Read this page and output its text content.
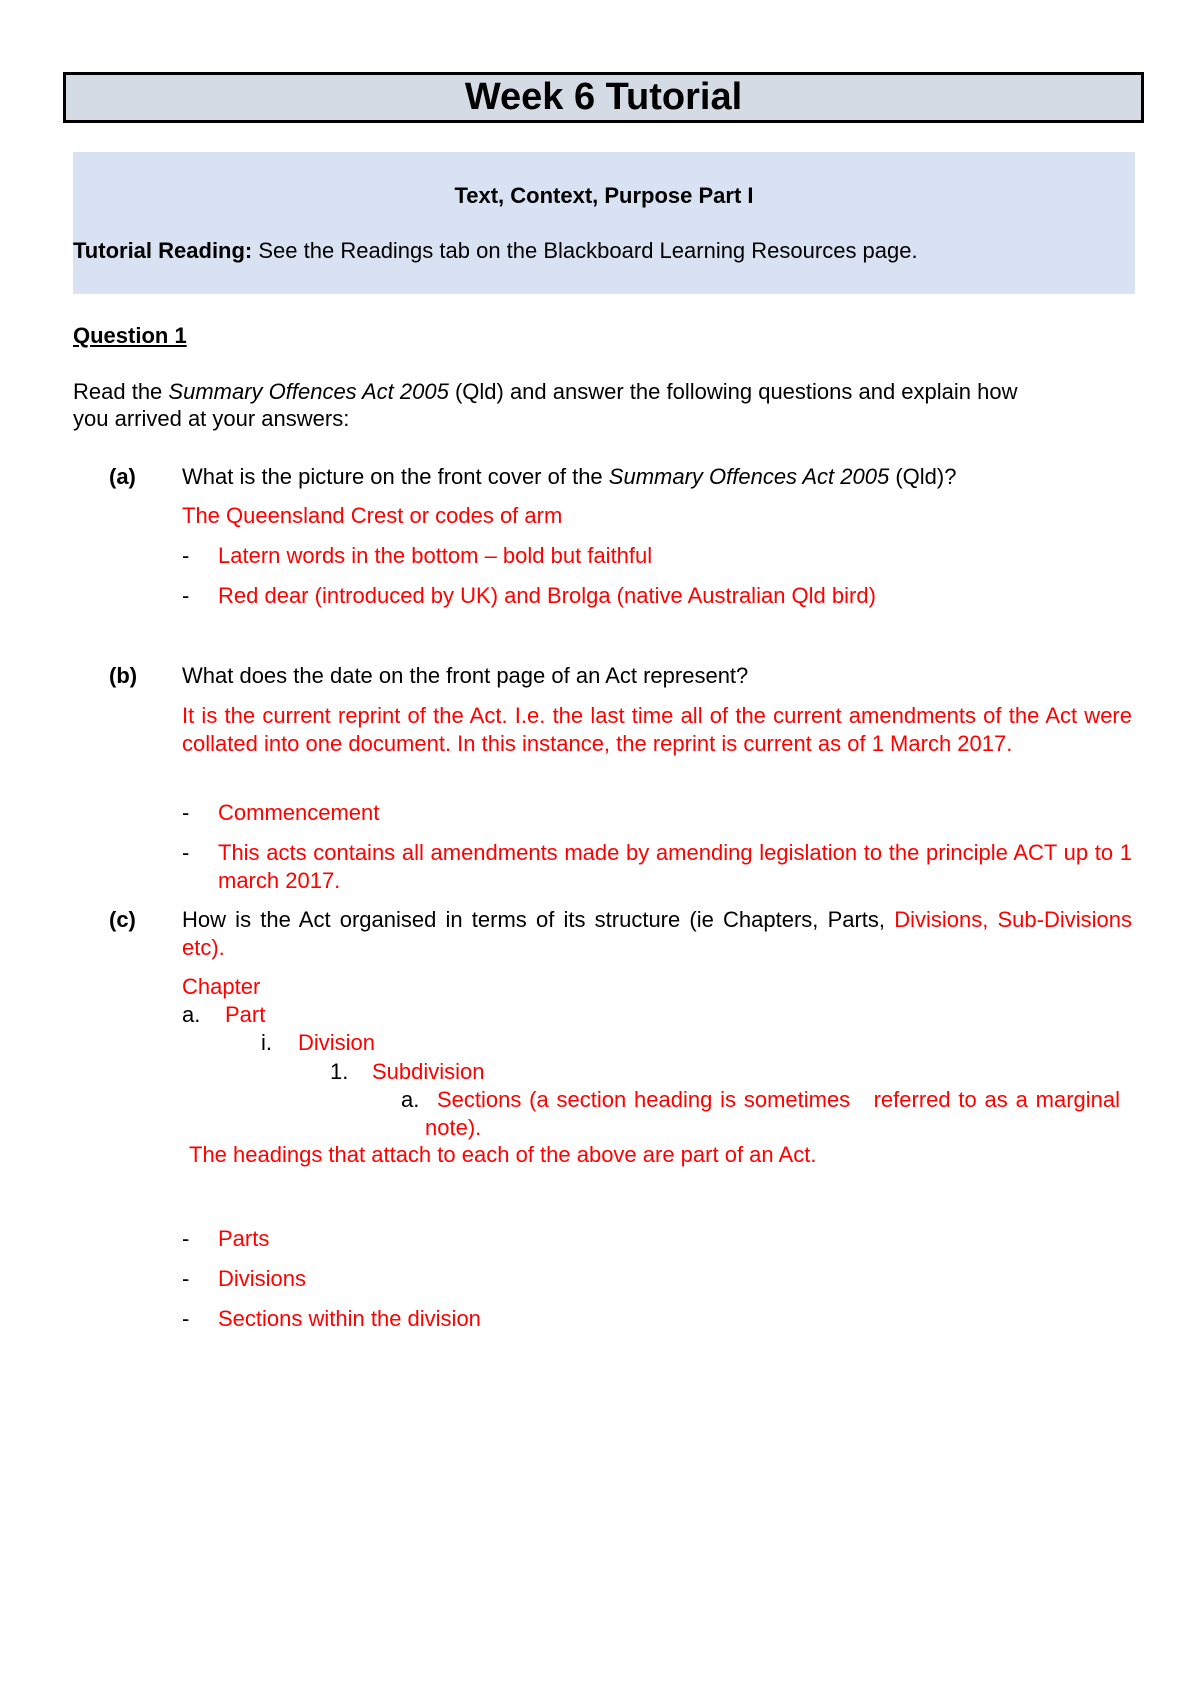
Week 6 Tutorial
Text, Context, Purpose Part I
Tutorial Reading: See the Readings tab on the Blackboard Learning Resources page.
Question 1
Read the Summary Offences Act 2005 (Qld) and answer the following questions and explain how
you arrived at your answers:
(a) What is the picture on the front cover of the Summary Offences Act 2005 (Qld)?
The Queensland Crest or codes of arm
- Latern words in the bottom – bold but faithful
- Red dear (introduced by UK) and Brolga (native Australian Qld bird)
(b) What does the date on the front page of an Act represent?
It is the current reprint of the Act. I.e. the last time all of the current amendments of the Act were collated into one document. In this instance, the reprint is current as of 1 March 2017.
- Commencement
- This acts contains all amendments made by amending legislation to the principle ACT up to 1 march 2017.
(c) How is the Act organised in terms of its structure (ie Chapters, Parts, Divisions, Sub-Divisions etc).
Chapter
a. Part
i. Division
1. Subdivision
a. Sections (a section heading is sometimes   referred to as a marginal note).
The headings that attach to each of the above are part of an Act.
- Parts
- Divisions
- Sections within the division
